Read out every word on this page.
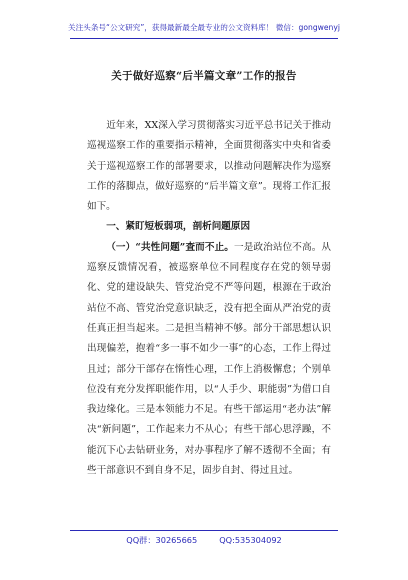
关注头条号“公文研究”，获得最新最全最专业的公文资料库！ 微信：gongwenyj
关于做好巡察“后半篇文章”工作的报告

近年来，XX深入学习贯彻落实习近平总书记关于推动巡视巡察工作的重要指示精神，全面贯彻落实中央和省委关于巡视巡察工作的部署要求，以推动问题解决作为巡察工作的落脚点，做好巡察的“后半篇文章”。现将工作汇报如下。

一、紧盯短板弱项，剖析问题原因

（一）“共性问题”査而不止。一是政治站位不高。从巡察反馈情况看，被巡察单位不同程度存在党的领导弱化、党的建设缺失、管党治党不严等问题，根源在于政治站位不高、管党治党意识缺乏，没有把全面从严治党的责任真正担当起来。二是担当精神不够。部分干部思想认识出现偏差，抱着“多一事不如少一事”的心态，工作上得过且过；部分干部存在惰性心理，工作上消极懈怠；个别单位没有充分发挥职能作用，以“人手少、职能弱”为借口自我边缘化。三是本领能力不足。有些干部运用“老办法”解决“新问题”，工作起来力不从心；有些干部心思浮躁，不能沉下心去钻研业务，对办事程序了解不透彻不全面；有些干部意识不到自身不足，固步自封、得过且过。

QQ群：30265665	QQ:535304092
